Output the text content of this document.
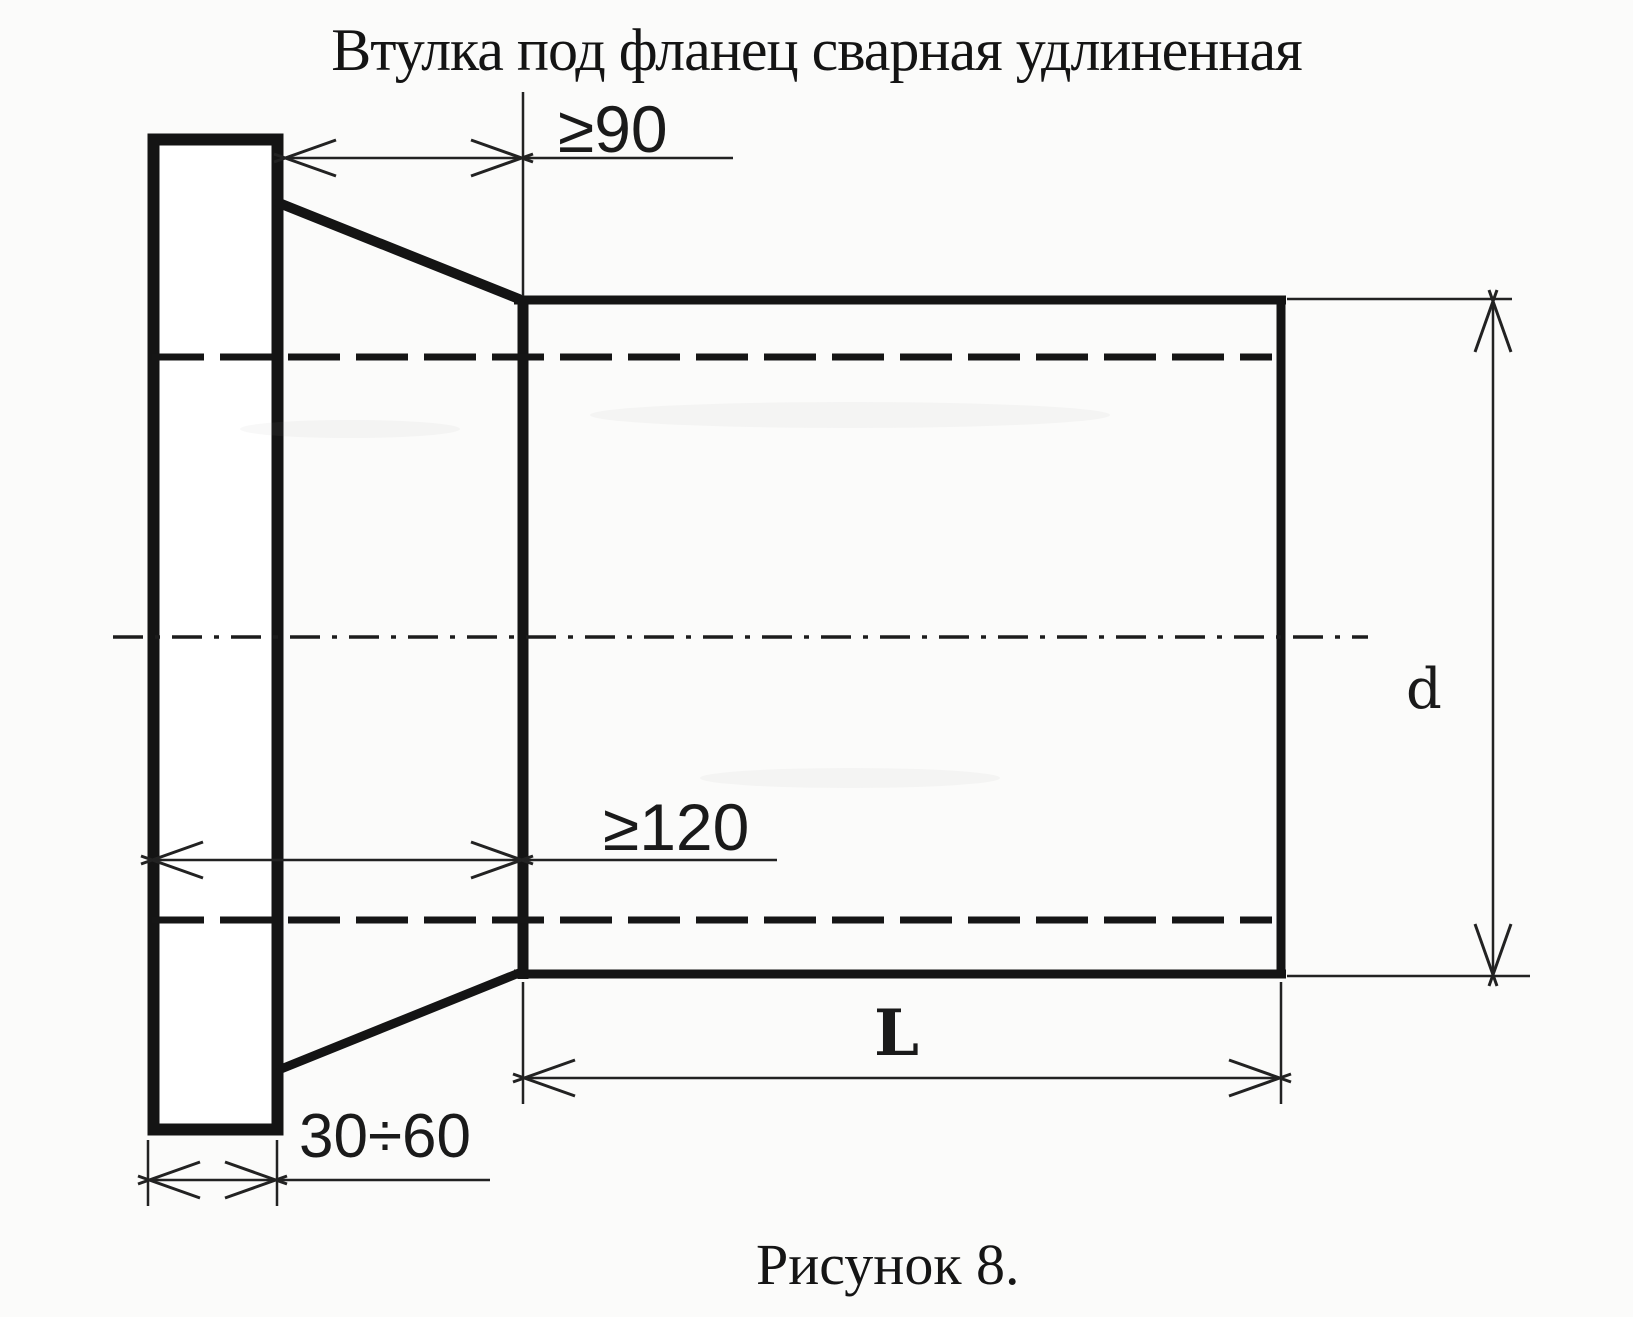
Втулка под фланец сварная удлиненная
≥90
≥120
30÷60
L
d
Рисунок 8.
